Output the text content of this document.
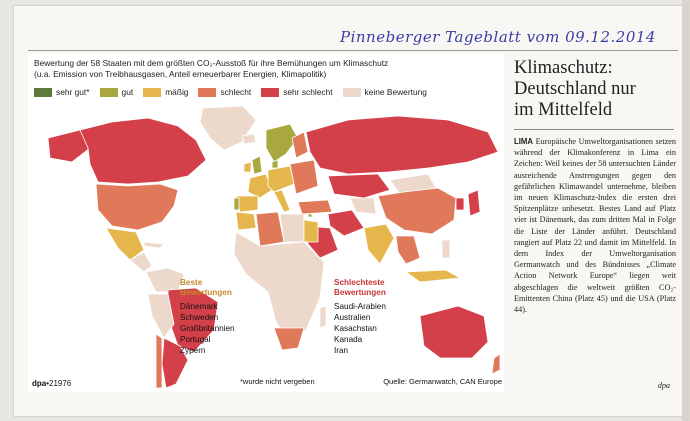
Pinneberger Tageblatt vom 09.12.2014
Bewertung der 58 Staaten mit dem größten CO₂-Ausstoß für ihre Bemühungen um Klimaschutz
(u.a. Emission von Treibhausgasen, Anteil erneuerbarer Energien, Klimapolitik)
sehr gut*	gut	mäßig	schlecht	sehr schlecht	keine Bewertung
Beste Bewertungen
Dänemark
Schweden
Großbritannien
Portugal
Zypern
Schlechteste Bewertungen
Saudi-Arabien
Australien
Kasachstan
Kanada
Iran
dpa•21976	*wurde nicht vergeben	Quelle: Germanwatch, CAN Europe
Klimaschutz:
Deutschland nur
im Mittelfeld
LIMA Europäische Umweltorganisationen setzen während der Klimakonferenz in Lima ein Zeichen: Weil keines der 58 untersuchten Länder ausreichende Anstrengungen gegen den gefährlichen Klimawandel unternehme, bleiben im neuen Klimaschutz-Index die ersten drei Spitzenplätze unbesetzt. Bestes Land auf Platz vier ist Dänemark, das zum dritten Mal in Folge die Liste der Länder anführt. Deutschland rangiert auf Platz 22 und damit im Mittelfeld. In dem Index der Umweltorganisation Germanwatch und des Bündnisses „Climate Action Network Europe“ liegen weit abgeschlagen die weltweit größten CO₂-Emittenten China (Platz 45) und die USA (Platz 44).
dpa
